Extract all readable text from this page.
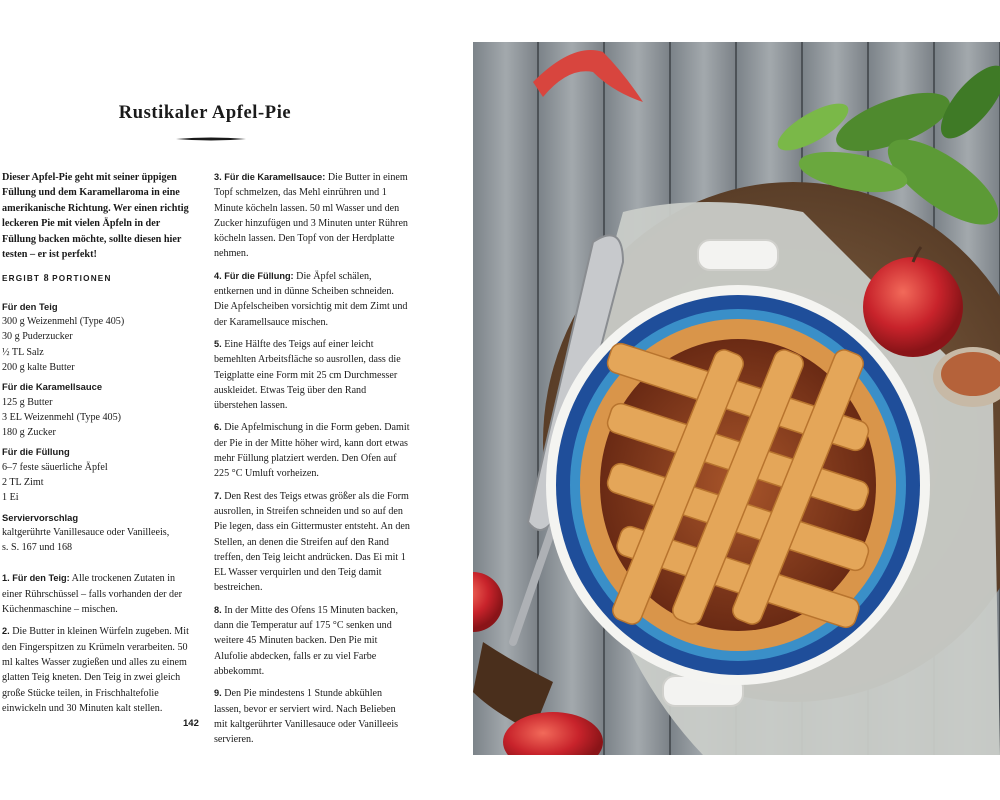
Rustikaler Apfel-Pie

Dieser Apfel-Pie geht mit seiner üppigen Füllung und dem Karamellaroma in eine amerikanische Richtung. Wer einen richtig leckeren Pie mit vielen Äpfeln in der Füllung backen möchte, sollte diesen hier testen – er ist perfekt!

ERGIBT 8 PORTIONEN

Für den Teig
300 g Weizenmehl (Type 405)
30 g Puderzucker
½ TL Salz
200 g kalte Butter
Für die Karamellsauce
125 g Butter
3 EL Weizenmehl (Type 405)
180 g Zucker
Für die Füllung
6–7 feste säuerliche Äpfel
2 TL Zimt
1 Ei
Serviervorschlag
kaltgerührte Vanillesauce oder Vanilleeis,
s. S. 167 und 168

1. Für den Teig: Alle trockenen Zutaten in einer Rührschüssel – falls vorhanden der der Küchenmaschine – mischen.

2. Die Butter in kleinen Würfeln zugeben. Mit den Fingerspitzen zu Krümeln verarbeiten. 50 ml kaltes Wasser zugießen und alles zu einem glatten Teig kneten. Den Teig in zwei gleich große Stücke teilen, in Frischhaltefolie einwickeln und 30 Minuten kalt stellen.

3. Für die Karamellsauce: Die Butter in einem Topf schmelzen, das Mehl einrühren und 1 Minute köcheln lassen. 50 ml Wasser und den Zucker hinzufügen und 3 Minuten unter Rühren köcheln lassen. Den Topf von der Herdplatte nehmen.

4. Für die Füllung: Die Äpfel schälen, entkernen und in dünne Scheiben schneiden. Die Apfelscheiben vorsichtig mit dem Zimt und der Karamellsauce mischen.

5. Eine Hälfte des Teigs auf einer leicht bemehlten Arbeitsfläche so ausrollen, dass die Teigplatte eine Form mit 25 cm Durchmesser auskleidet. Etwas Teig über den Rand überstehen lassen.

6. Die Apfelmischung in die Form geben. Damit der Pie in der Mitte höher wird, kann dort etwas mehr Füllung platziert werden. Den Ofen auf 225 °C Umluft vorheizen.

7. Den Rest des Teigs etwas größer als die Form ausrollen, in Streifen schneiden und so auf den Pie legen, dass ein Gittermuster entsteht. An den Stellen, an denen die Streifen auf den Rand treffen, den Teig leicht andrücken. Das Ei mit 1 EL Wasser verquirlen und den Teig damit bestreichen.

8. In der Mitte des Ofens 15 Minuten backen, dann die Temperatur auf 175 °C senken und weitere 45 Minuten backen. Den Pie mit Alufolie abdecken, falls er zu viel Farbe abbekommt.

9. Den Pie mindestens 1 Stunde abkühlen lassen, bevor er serviert wird. Nach Belieben mit kaltgerührter Vanillesauce oder Vanilleeis servieren.

142
